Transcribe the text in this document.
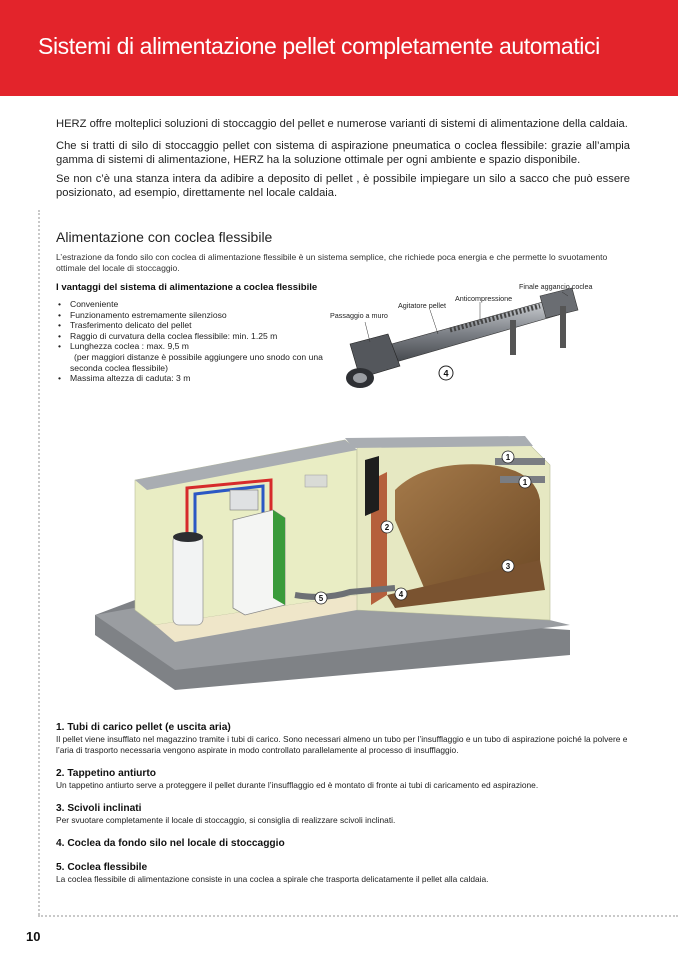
Sistemi di alimentazione pellet completamente automatici

HERZ offre molteplici soluzioni di stoccaggio del pellet e numerose varianti di sistemi di alimentazione della caldaia.

Che si tratti di silo di stoccaggio pellet con sistema di aspirazione pneumatica o coclea flessibile: grazie all’ampia gamma di sistemi di alimentazione, HERZ ha la soluzione ottimale per ogni ambiente e spazio disponibile.

Se non c’è una stanza intera da adibire a deposito di pellet , è possibile impiegare un silo a sacco che può essere posizionato, ad esempio, direttamente nel locale caldaia.

Alimentazione con coclea flessibile
L’estrazione da fondo silo con coclea di alimentazione flessibile è un sistema semplice, che richiede poca energia e che permette lo svuotamento ottimale del locale di stoccaggio.
I vantaggi del sistema di alimentazione a coclea flessibile
• Conveniente
• Funzionamento estremamente silenzioso
• Trasferimento delicato del pellet
• Raggio di curvatura della coclea flessibile: min. 1.25 m
• Lunghezza coclea : max. 9,5 m
(per maggiori distanze è possibile aggiungere uno snodo con una
seconda coclea flessibile)
• Massima altezza di caduta: 3 m
Finale aggancio coclea
Anticompressione
Agitatore pellet
Passaggio a muro
4
1
1
2
3
4
5
1. Tubi di carico pellet (e uscita aria)

Il pellet viene insufflato nel magazzino tramite i tubi di carico. Sono necessari almeno un tubo per l’insufflaggio e un tubo di aspirazione poiché la polvere e l’aria di trasporto necessaria vengono aspirate in modo controllato parallelamente al processo di insufflaggio.

2. Tappetino antiurto

Un tappetino antiurto serve a proteggere il pellet durante l’insufflaggio ed è montato di fronte ai tubi di caricamento ed aspirazione.

3. Scivoli inclinati

Per svuotare completamente il locale di stoccaggio, si consiglia di realizzare scivoli inclinati.

4. Coclea da fondo silo nel locale di stoccaggio
5. Coclea flessibile

La coclea flessibile di alimentazione consiste in una coclea a spirale che trasporta delicatamente il pellet alla caldaia.

10
